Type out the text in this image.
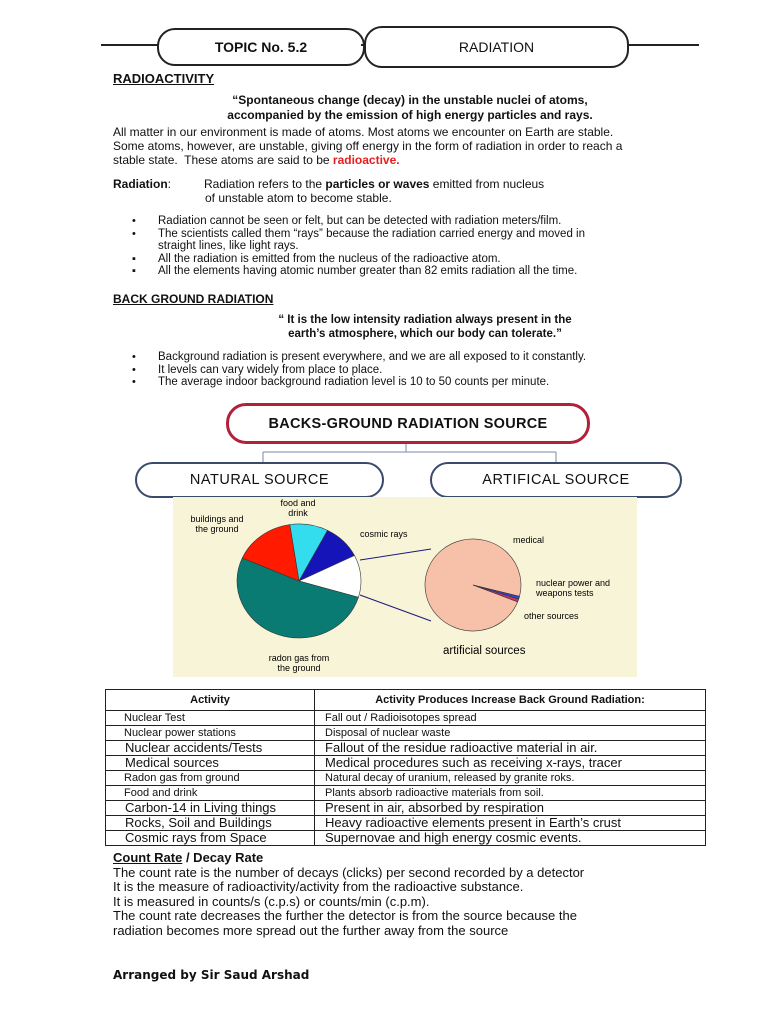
TOPIC No. 5.2	RADIATION
RADIOACTIVITY
“Spontaneous change (decay) in the unstable nuclei of atoms,
accompanied by the emission of high energy particles and rays.
All matter in our environment is made of atoms. Most atoms we encounter on Earth are stable.
Some atoms, however, are unstable, giving off energy in the form of radiation in order to reach a
stable state.  These atoms are said to be radioactive.
Radiation:	Radiation refers to the particles or waves emitted from nucleus
of unstable atom to become stable.
• Radiation cannot be seen or felt, but can be detected with radiation meters/film.
• The scientists called them “rays” because the radiation carried energy and moved in
straight lines, like light rays.
▪ All the radiation is emitted from the nucleus of the radioactive atom.
▪ All the elements having atomic number greater than 82 emits radiation all the time.
BACK GROUND RADIATION
“ It is the low intensity radiation always present in the
earth’s atmosphere, which our body can tolerate.”
• Background radiation is present everywhere, and we are all exposed to it constantly.
• It levels can vary widely from place to place.
• The average indoor background radiation level is 10 to 50 counts per minute.
BACKS-GROUND RADIATION SOURCE
NATURAL SOURCE	ARTIFICAL SOURCE
food and
drink
buildings and
the ground	cosmic rays
radon gas from
the ground
medical
nuclear power and
weapons tests
other sources
artificial sources
Activity	Activity Produces Increase Back Ground Radiation:
Nuclear Test	Fall out / Radioisotopes spread
Nuclear power stations	Disposal of nuclear waste
Nuclear accidents/Tests	Fallout of the residue radioactive material in air.
Medical sources	Medical procedures such as receiving x-rays, tracer
Radon gas from ground	Natural decay of uranium, released by granite roks.
Food and drink	Plants absorb radioactive materials from soil.
Carbon-14 in Living things	Present in air, absorbed by respiration
Rocks, Soil and Buildings	Heavy radioactive elements present in Earth’s crust
Cosmic rays from Space	Supernovae and high energy cosmic events.
Count Rate / Decay Rate
The count rate is the number of decays (clicks) per second recorded by a detector
It is the measure of radioactivity/activity from the radioactive substance.
It is measured in counts/s (c.p.s) or counts/min (c.p.m).
The count rate decreases the further the detector is from the source because the
radiation becomes more spread out the further away from the source
Arranged by Sir Saud Arshad
